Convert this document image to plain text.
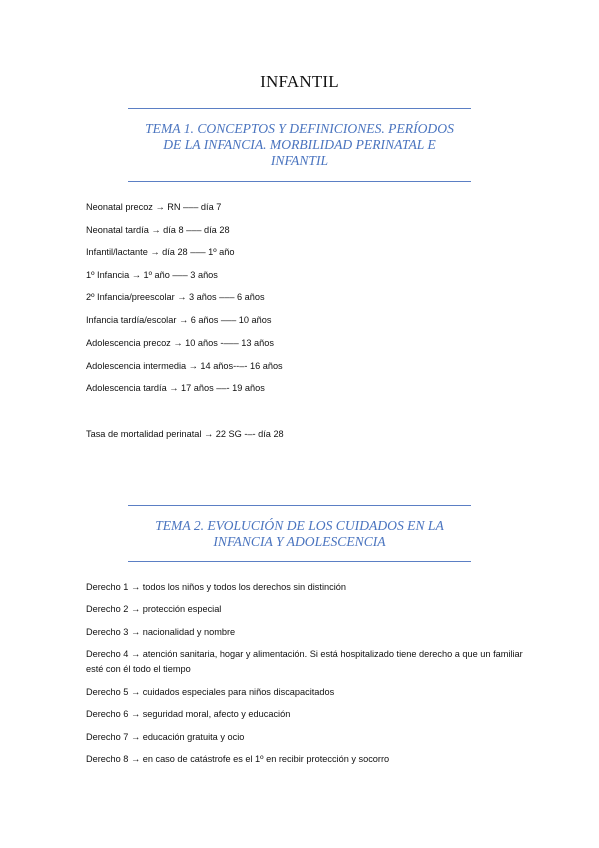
INFANTIL
TEMA 1. CONCEPTOS Y DEFINICIONES. PERÍODOS
DE LA INFANCIA. MORBILIDAD PERINATAL E
INFANTIL
Neonatal precoz → RN ––– día 7
Neonatal tardía → día 8 ––– día 28
Infantil/lactante → día 28 ––– 1º año
1º Infancia → 1º año ––– 3 años
2º Infancia/preescolar → 3 años ––– 6 años
Infancia tardía/escolar → 6 años ––– 10 años
Adolescencia precoz → 10 años -––– 13 años
Adolescencia intermedia → 14 años--–- 16 años
Adolescencia tardía → 17 años ––- 19 años
Tasa de mortalidad perinatal → 22 SG -–- día 28
TEMA 2. EVOLUCIÓN DE LOS CUIDADOS EN LA
INFANCIA Y ADOLESCENCIA
Derecho 1 → todos los niños y todos los derechos sin distinción
Derecho 2 → protección especial
Derecho 3 → nacionalidad y nombre
Derecho 4 → atención sanitaria, hogar y alimentación. Si está hospitalizado tiene derecho a que un familiar esté con él todo el tiempo
Derecho 5 → cuidados especiales para niños discapacitados
Derecho 6 → seguridad moral, afecto y educación
Derecho 7 → educación gratuita y ocio
Derecho 8 → en caso de catástrofe es el 1º en recibir protección y socorro
